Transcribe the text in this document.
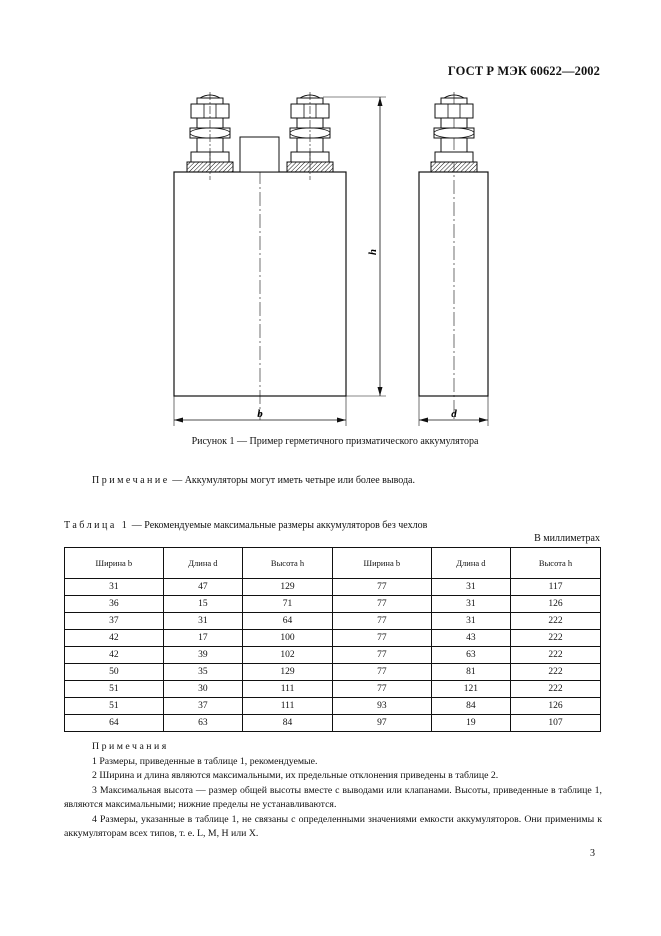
ГОСТ Р МЭК 60622—2002
h
b	d
Рисунок 1 — Пример герметичного призматического аккумулятора
Примечание — Аккумуляторы могут иметь четыре или более вывода.
Таблица 1 — Рекомендуемые максимальные размеры аккумуляторов без чехлов
В миллиметрах
Ширина b	Длина d	Высота h	Ширина b	Длина d	Высота h
31	47	129	77	31	117
36	15	71	77	31	126
37	31	64	77	31	222
42	17	100	77	43	222
42	39	102	77	63	222
50	35	129	77	81	222
51	30	111	77	121	222
51	37	111	93	84	126
64	63	84	97	19	107
Примечания
1 Размеры, приведенные в таблице 1, рекомендуемые.
2 Ширина и длина являются максимальными, их предельные отклонения приведены в таблице 2.
3 Максимальная высота — размер общей высоты вместе с выводами или клапанами. Высоты, приведенные в таблице 1, являются максимальными; нижние пределы не устанавливаются.
4 Размеры, указанные в таблице 1, не связаны с определенными значениями емкости аккумуляторов. Они применимы к аккумуляторам всех типов, т. е. L, M, H или X.
3
